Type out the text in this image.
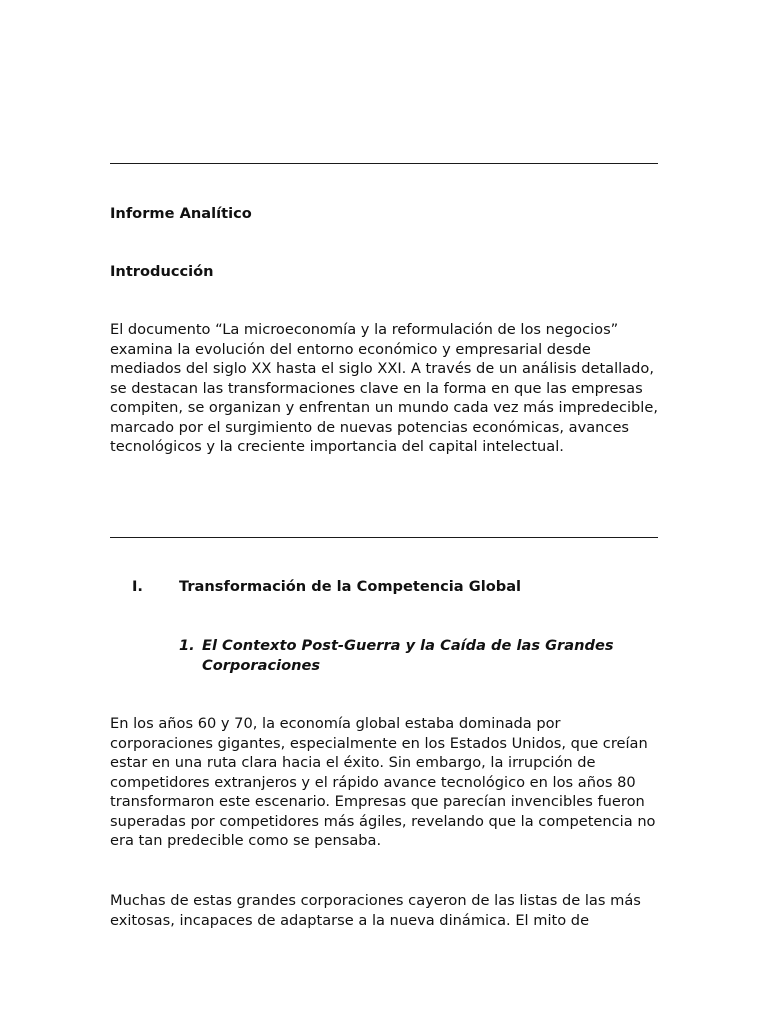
Informe Analítico
Introducción

El documento “La microeconomía y la reformulación de los negocios” examina la evolución del entorno económico y empresarial desde mediados del siglo XX hasta el siglo XXI. A través de un análisis detallado, se destacan las transformaciones clave en la forma en que las empresas compiten, se organizan y enfrentan un mundo cada vez más impredecible, marcado por el surgimiento de nuevas potencias económicas, avances tecnológicos y la creciente importancia del capital intelectual.

I. Transformación de la Competencia Global
1. El Contexto Post-Guerra y la Caída de las Grandes Corporaciones

En los años 60 y 70, la economía global estaba dominada por corporaciones gigantes, especialmente en los Estados Unidos, que creían estar en una ruta clara hacia el éxito. Sin embargo, la irrupción de competidores extranjeros y el rápido avance tecnológico en los años 80 transformaron este escenario. Empresas que parecían invencibles fueron superadas por competidores más ágiles, revelando que la competencia no era tan predecible como se pensaba.

Muchas de estas grandes corporaciones cayeron de las listas de las más exitosas, incapaces de adaptarse a la nueva dinámica. El mito de
